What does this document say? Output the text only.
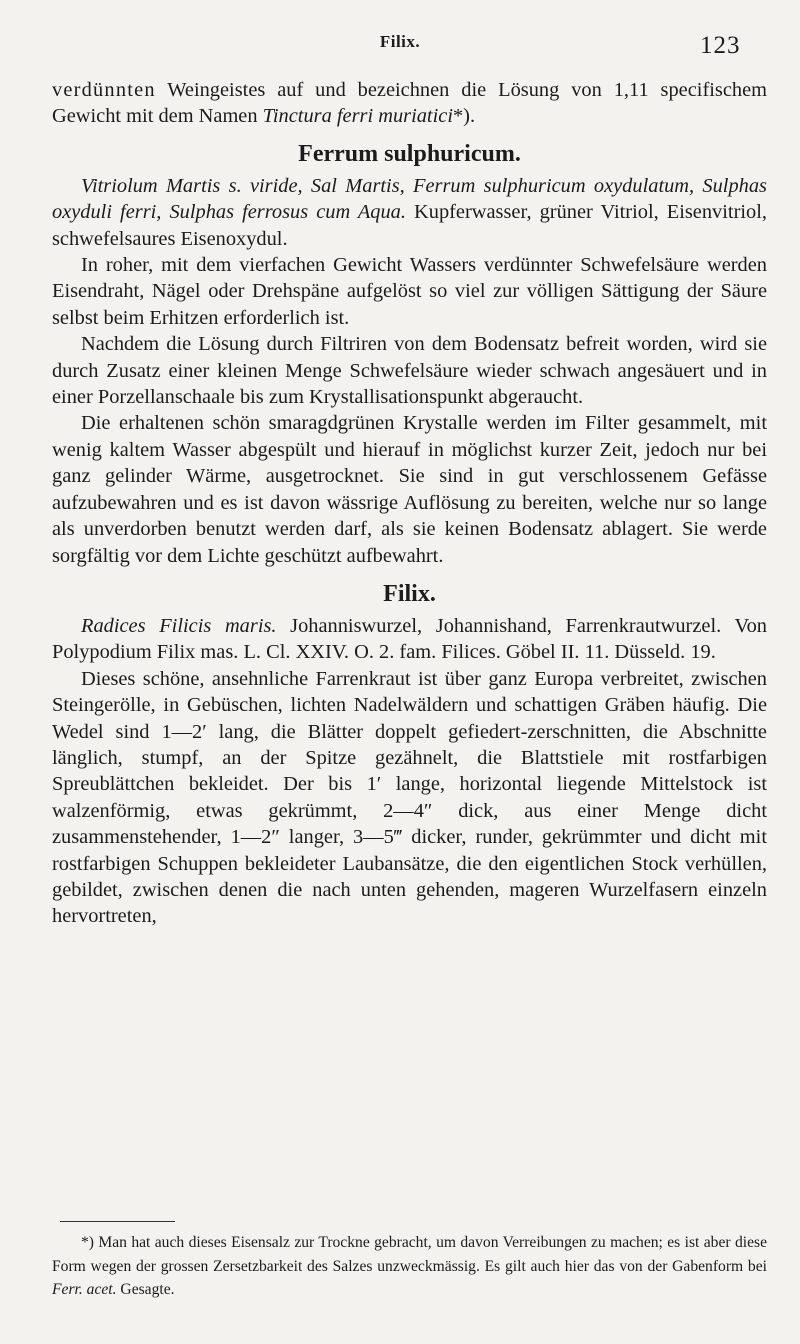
Filix.	123

verdünnten Weingeistes auf und bezeichnen die Lösung von 1,11 specifischem Gewicht mit dem Namen Tinctura ferri muriatici*).

Ferrum sulphuricum.

Vitriolum Martis s. viride, Sal Martis, Ferrum sulphuricum oxydulatum, Sulphas oxyduli ferri, Sulphas ferrosus cum Aqua. Kupferwasser, grüner Vitriol, Eisenvitriol, schwefelsaures Eisenoxydul.

In roher, mit dem vierfachen Gewicht Wassers verdünnter Schwefelsäure werden Eisendraht, Nägel oder Drehspäne aufgelöst so viel zur völligen Sättigung der Säure selbst beim Erhitzen erforderlich ist.

Nachdem die Lösung durch Filtriren von dem Bodensatz befreit worden, wird sie durch Zusatz einer kleinen Menge Schwefelsäure wieder schwach angesäuert und in einer Porzellanschaale bis zum Krystallisationspunkt abgeraucht.

Die erhaltenen schön smaragdgrünen Krystalle werden im Filter gesammelt, mit wenig kaltem Wasser abgespült und hierauf in möglichst kurzer Zeit, jedoch nur bei ganz gelinder Wärme, ausgetrocknet. Sie sind in gut verschlossenem Gefässe aufzubewahren und es ist davon wässrige Auflösung zu bereiten, welche nur so lange als unverdorben benutzt werden darf, als sie keinen Bodensatz ablagert. Sie werde sorgfältig vor dem Lichte geschützt aufbewahrt.

Filix.

Radices Filicis maris. Johanniswurzel, Johannishand, Farrenkrautwurzel. Von Polypodium Filix mas. L. Cl. XXIV. O. 2. fam. Filices. Göbel II. 11. Düsseld. 19.

Dieses schöne, ansehnliche Farrenkraut ist über ganz Europa verbreitet, zwischen Steingerölle, in Gebüschen, lichten Nadelwäldern und schattigen Gräben häufig. Die Wedel sind 1—2′ lang, die Blätter doppelt gefiedert-zerschnitten, die Abschnitte länglich, stumpf, an der Spitze gezähnelt, die Blattstiele mit rostfarbigen Spreublättchen bekleidet. Der bis 1′ lange, horizontal liegende Mittelstock ist walzenförmig, etwas gekrümmt, 2—4″ dick, aus einer Menge dicht zusammenstehender, 1—2″ langer, 3—5‴ dicker, runder, gekrümmter und dicht mit rostfarbigen Schuppen bekleideter Laubansätze, die den eigentlichen Stock verhüllen, gebildet, zwischen denen die nach unten gehenden, mageren Wurzelfasern einzeln hervortreten,

*) Man hat auch dieses Eisensalz zur Trockne gebracht, um davon Verreibungen zu machen; es ist aber diese Form wegen der grossen Zersetzbarkeit des Salzes unzweckmässig. Es gilt auch hier das von der Gabenform bei Ferr. acet. Gesagte.
